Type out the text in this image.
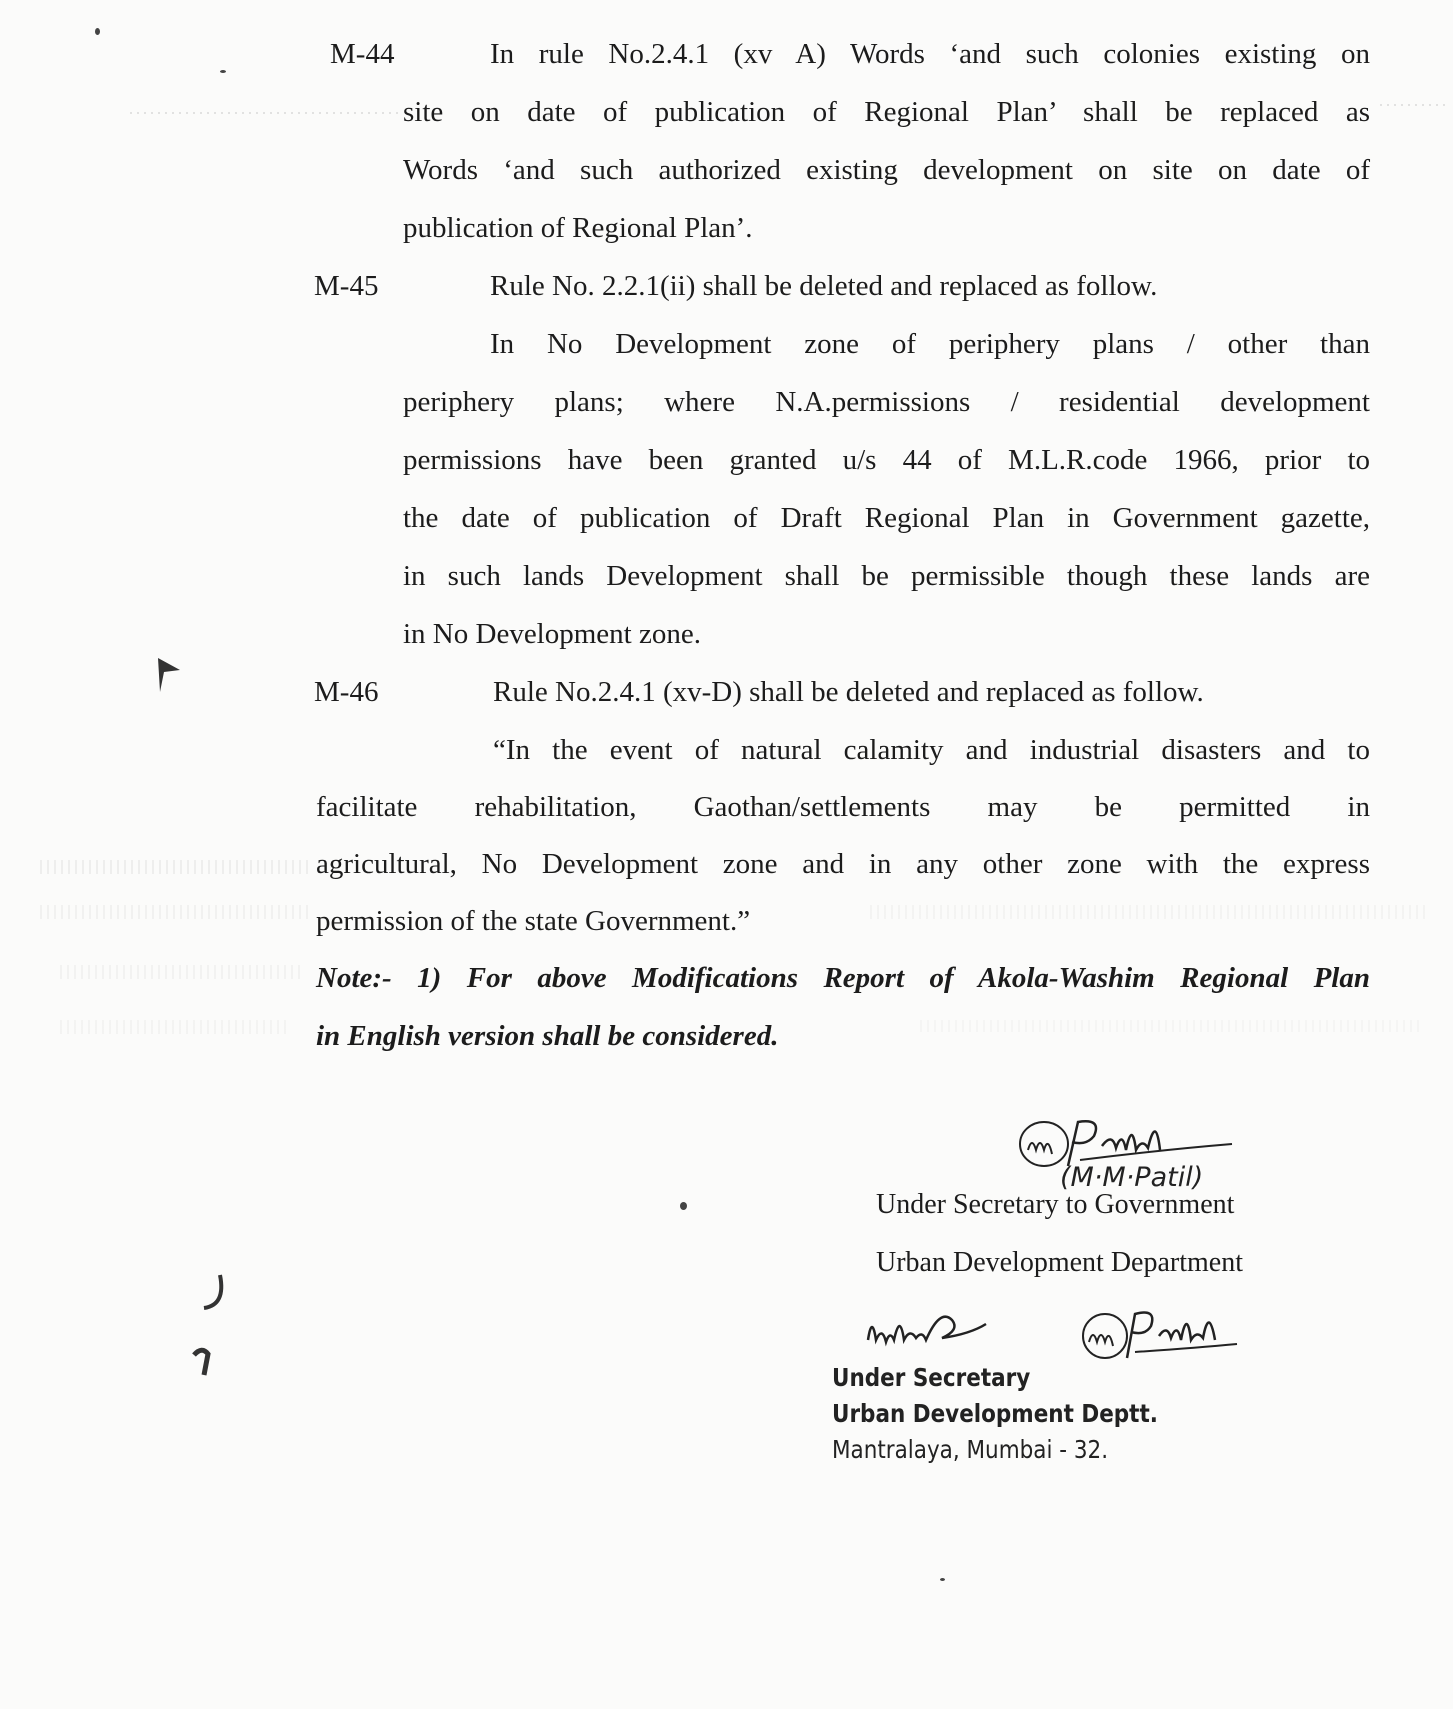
M-44	In rule No.2.4.1 (xv A) Words ‘and such colonies existing on
site on date of publication of Regional Plan’ shall be replaced as
Words ‘and such authorized existing development on site on date of
publication of Regional Plan’.
M-45	Rule No. 2.2.1(ii) shall be deleted and replaced as follow.
In No Development zone of periphery plans / other than
periphery plans; where N.A.permissions / residential development
permissions have been granted u/s 44 of M.L.R.code 1966, prior to
the date of publication of Draft Regional Plan in Government gazette,
in such lands Development shall be permissible though these lands are
in No Development zone.
M-46	Rule No.2.4.1 (xv-D) shall be deleted and replaced as follow.
“In the event of natural calamity and industrial disasters and to
facilitate rehabilitation, Gaothan/settlements may be permitted in
agricultural, No Development zone and in any other zone with the express
permission of the state Government.”
Note:- 1) For above Modifications Report of Akola-Washim Regional Plan
in English version shall be considered.
(M·M·Patil)
Under Secretary to Government
Urban Development Department
Under Secretary
Urban Development Deptt.
Mantralaya, Mumbai - 32.
